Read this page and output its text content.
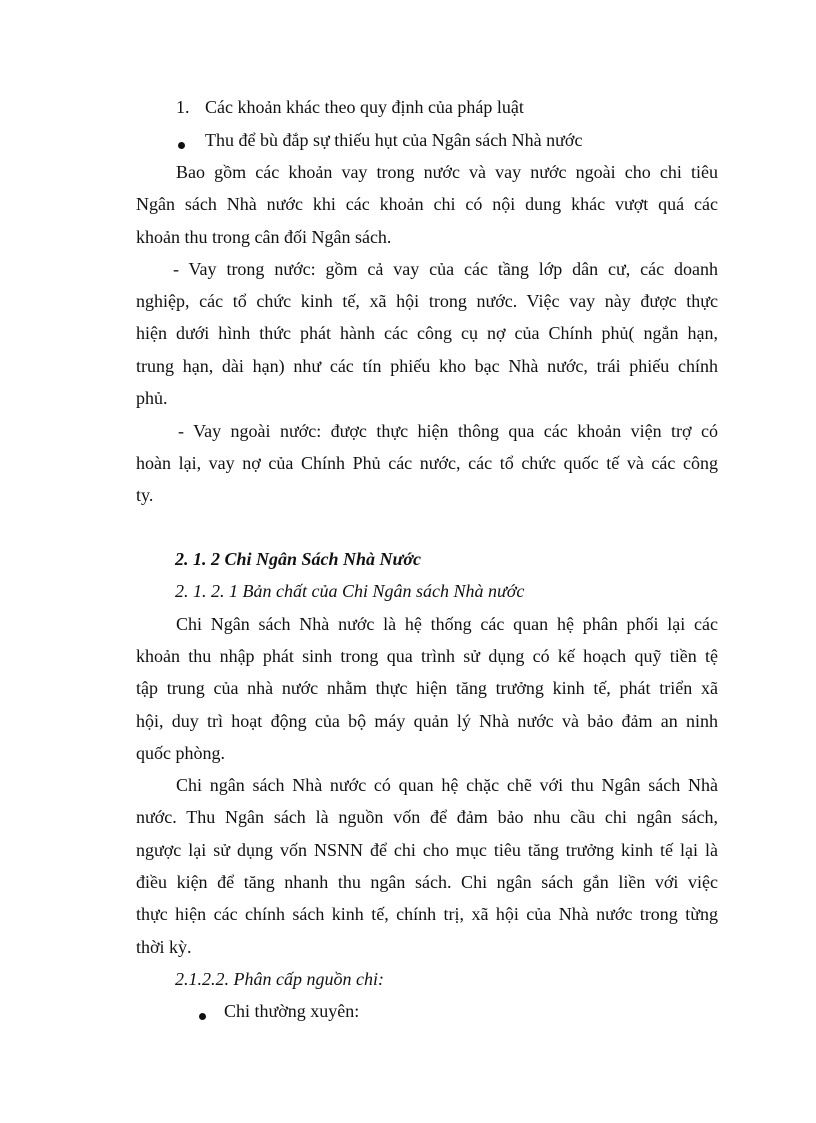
1. Các khoản khác theo quy định của pháp luật
Thu để bù đắp sự thiếu hụt của Ngân sách Nhà nước
Bao gồm các khoản vay trong nước và vay nước ngoài cho chi tiêu
Ngân sách Nhà nước khi các khoản chi có nội dung khác vượt quá các
khoản thu trong cân đối Ngân sách.
- Vay trong nước: gồm cả vay của các tầng lớp dân cư, các doanh
nghiệp, các tổ chức kinh tế, xã hội trong nước. Việc vay này được thực
hiện dưới hình thức phát hành các công cụ nợ của Chính phủ( ngắn hạn,
trung hạn, dài hạn) như các tín phiếu kho bạc Nhà nước, trái phiếu chính
phủ.
- Vay ngoài nước: được thực hiện thông qua các khoản viện trợ có
hoàn lại, vay nợ của Chính Phủ các nước, các tổ chức quốc tế và các công
ty.
2. 1. 2 Chi Ngân Sách Nhà Nước
2. 1. 2. 1 Bản chất của Chi Ngân sách Nhà nước
Chi Ngân sách Nhà nước là hệ thống các quan hệ phân phối lại các
khoản thu nhập phát sinh trong qua trình sử dụng có kế hoạch quỹ tiền tệ
tập trung của nhà nước nhằm thực hiện tăng trưởng kinh tế, phát triển xã
hội, duy trì hoạt động của bộ máy quản lý Nhà nước và bảo đảm an ninh
quốc phòng.
Chi ngân sách Nhà nước có quan hệ chặc chẽ với thu Ngân sách Nhà
nước. Thu Ngân sách là nguồn vốn để đảm bảo nhu cầu chi ngân sách,
ngược lại sử dụng vốn NSNN để chi cho mục tiêu tăng trưởng kinh tế lại là
điều kiện để tăng nhanh thu ngân sách. Chi ngân sách gắn liền với việc
thực hiện các chính sách kinh tế, chính trị, xã hội của Nhà nước trong từng
thời kỳ.
2.1.2.2. Phân cấp nguồn chi:
Chi thường xuyên:
